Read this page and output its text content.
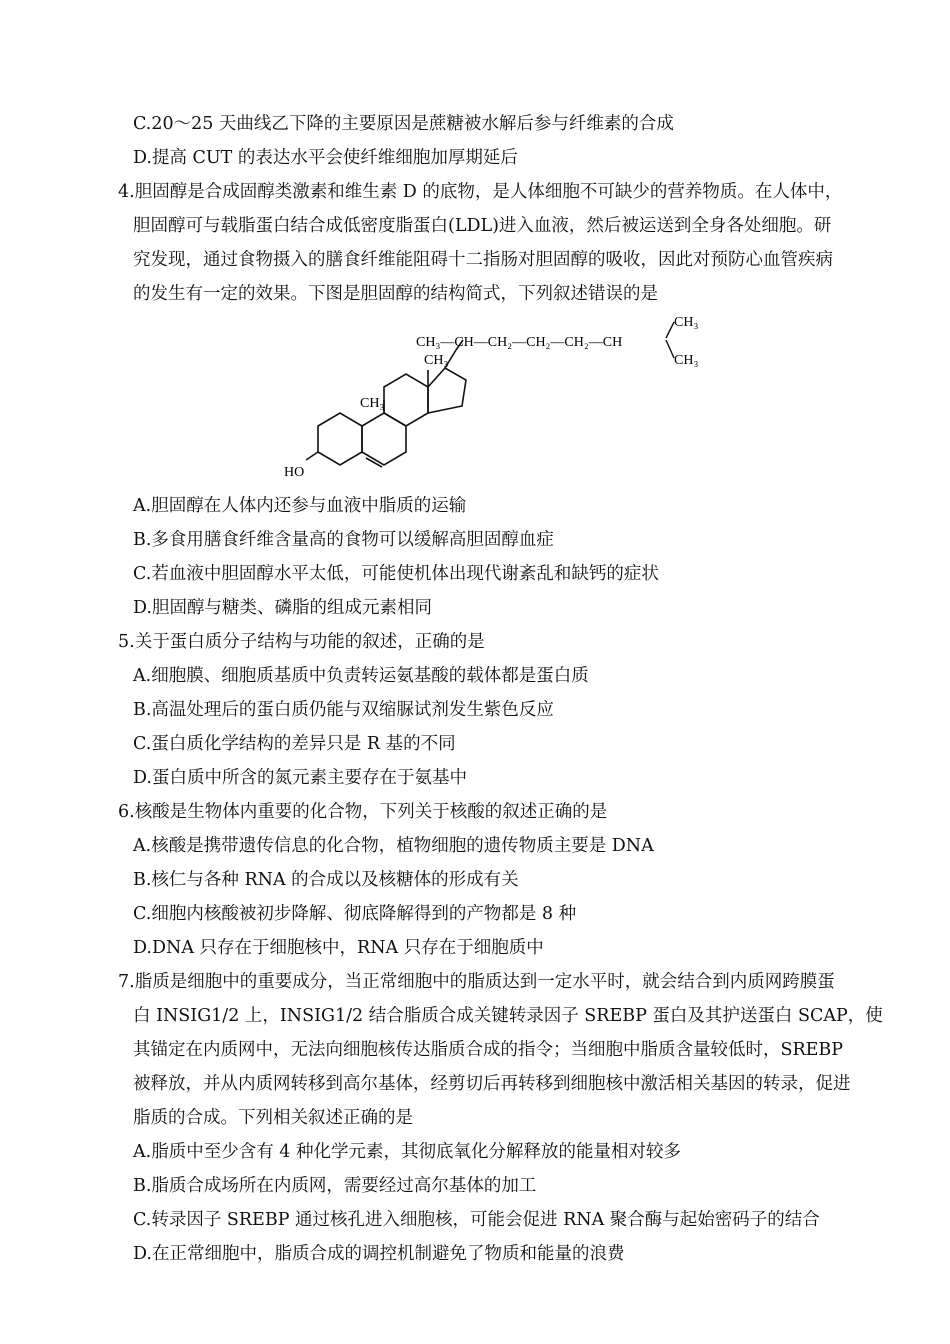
C.20～25 天曲线乙下降的主要原因是蔗糖被水解后参与纤维素的合成
D.提高 CUT 的表达水平会使纤维细胞加厚期延后
4.胆固醇是合成固醇类激素和维生素 D 的底物，是人体细胞不可缺少的营养物质。在人体中，
胆固醇可与载脂蛋白结合成低密度脂蛋白(LDL)进入血液，然后被运送到全身各处细胞。研
究发现，通过食物摄入的膳食纤维能阻碍十二指肠对胆固醇的吸收，因此对预防心血管疾病
的发生有一定的效果。下图是胆固醇的结构简式，下列叙述错误的是
CH₃—CH—CH₂—CH₂—CH₂—CH
CH₃
CH₃
CH₃
CH₃
HO
A.胆固醇在人体内还参与血液中脂质的运输
B.多食用膳食纤维含量高的食物可以缓解高胆固醇血症
C.若血液中胆固醇水平太低，可能使机体出现代谢紊乱和缺钙的症状
D.胆固醇与糖类、磷脂的组成元素相同
5.关于蛋白质分子结构与功能的叙述，正确的是
A.细胞膜、细胞质基质中负责转运氨基酸的载体都是蛋白质
B.高温处理后的蛋白质仍能与双缩脲试剂发生紫色反应
C.蛋白质化学结构的差异只是 R 基的不同
D.蛋白质中所含的氮元素主要存在于氨基中
6.核酸是生物体内重要的化合物，下列关于核酸的叙述正确的是
A.核酸是携带遗传信息的化合物，植物细胞的遗传物质主要是 DNA
B.核仁与各种 RNA 的合成以及核糖体的形成有关
C.细胞内核酸被初步降解、彻底降解得到的产物都是 8 种
D.DNA 只存在于细胞核中，RNA 只存在于细胞质中
7.脂质是细胞中的重要成分，当正常细胞中的脂质达到一定水平时，就会结合到内质网跨膜蛋
白 INSIG1/2 上，INSIG1/2 结合脂质合成关键转录因子 SREBP 蛋白及其护送蛋白 SCAP，使
其锚定在内质网中，无法向细胞核传达脂质合成的指令；当细胞中脂质含量较低时，SREBP
被释放，并从内质网转移到高尔基体，经剪切后再转移到细胞核中激活相关基因的转录，促进
脂质的合成。下列相关叙述正确的是
A.脂质中至少含有 4 种化学元素，其彻底氧化分解释放的能量相对较多
B.脂质合成场所在内质网，需要经过高尔基体的加工
C.转录因子 SREBP 通过核孔进入细胞核，可能会促进 RNA 聚合酶与起始密码子的结合
D.在正常细胞中，脂质合成的调控机制避免了物质和能量的浪费
